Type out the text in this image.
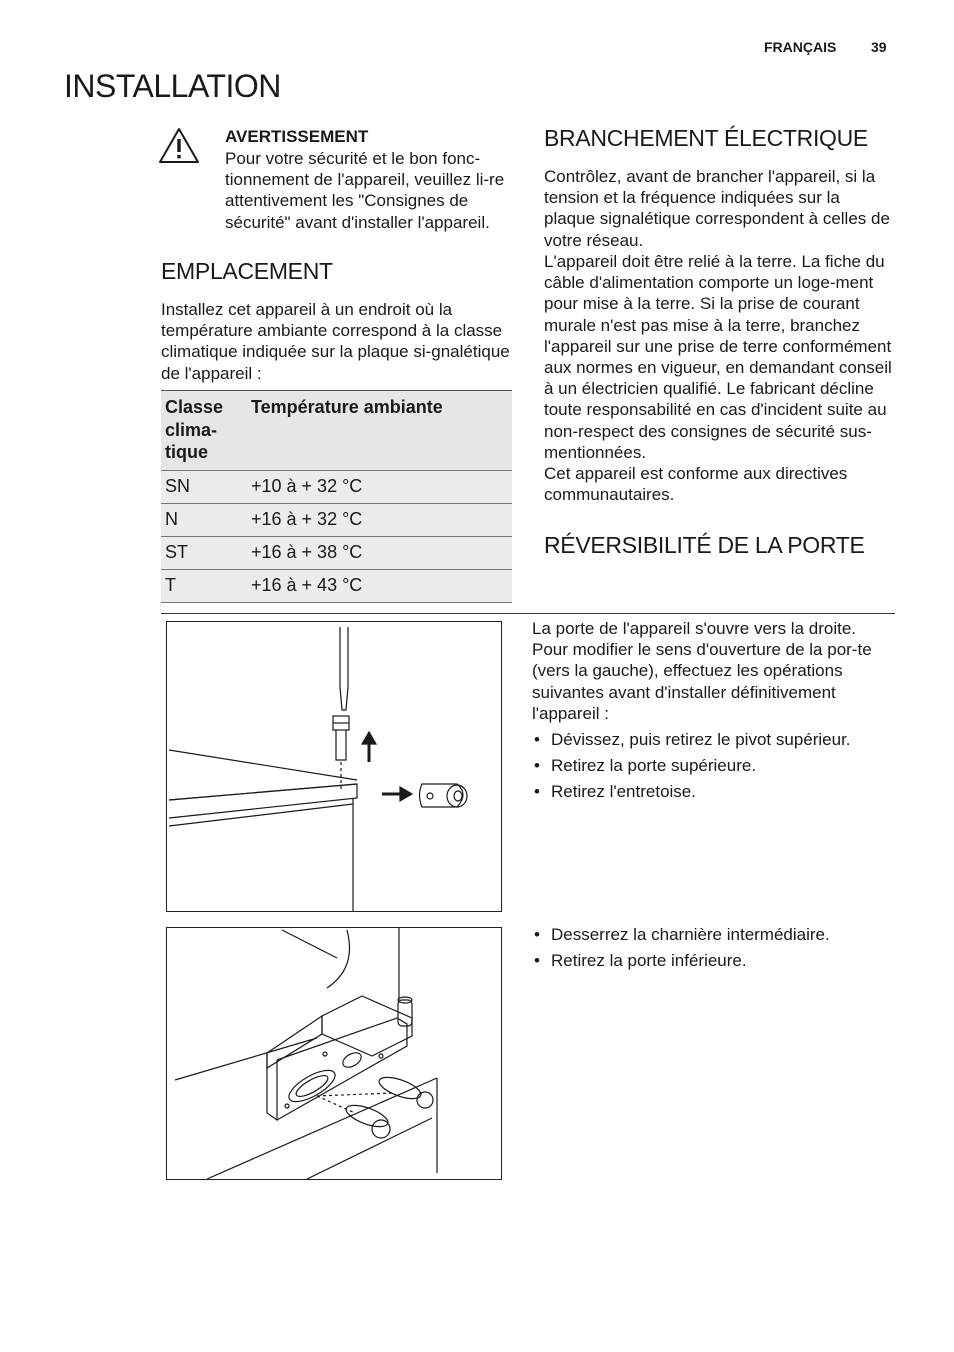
FRANÇAIS 39
INSTALLATION
AVERTISSEMENT
Pour votre sécurité et le bon fonc-tionnement de l'appareil, veuillez li-re attentivement les "Consignes de sécurité" avant d'installer l'appareil.
EMPLACEMENT
Installez cet appareil à un endroit où la température ambiante correspond à la classe climatique indiquée sur la plaque si-gnalétique de l'appareil :
Classe clima-tique	Température ambiante
SN	+10 à + 32 °C
N	+16 à + 32 °C
ST	+16 à + 38 °C
T	+16 à + 43 °C
BRANCHEMENT ÉLECTRIQUE
Contrôlez, avant de brancher l'appareil, si la tension et la fréquence indiquées sur la plaque signalétique correspondent à celles de votre réseau.
L'appareil doit être relié à la terre. La fiche du câble d'alimentation comporte un loge-ment pour mise à la terre. Si la prise de courant murale n'est pas mise à la terre, branchez l'appareil sur une prise de terre conformément aux normes en vigueur, en demandant conseil à un électricien qualifié. Le fabricant décline toute responsabilité en cas d'incident suite au non-respect des consignes de sécurité sus-mentionnées.
Cet appareil est conforme aux directives communautaires.
RÉVERSIBILITÉ DE LA PORTE
La porte de l'appareil s'ouvre vers la droite. Pour modifier le sens d'ouverture de la por-te (vers la gauche), effectuez les opérations suivantes avant d'installer définitivement l'appareil :
• Dévissez, puis retirez le pivot supérieur.
• Retirez la porte supérieure.
• Retirez l'entretoise.
• Desserrez la charnière intermédiaire.
• Retirez la porte inférieure.
